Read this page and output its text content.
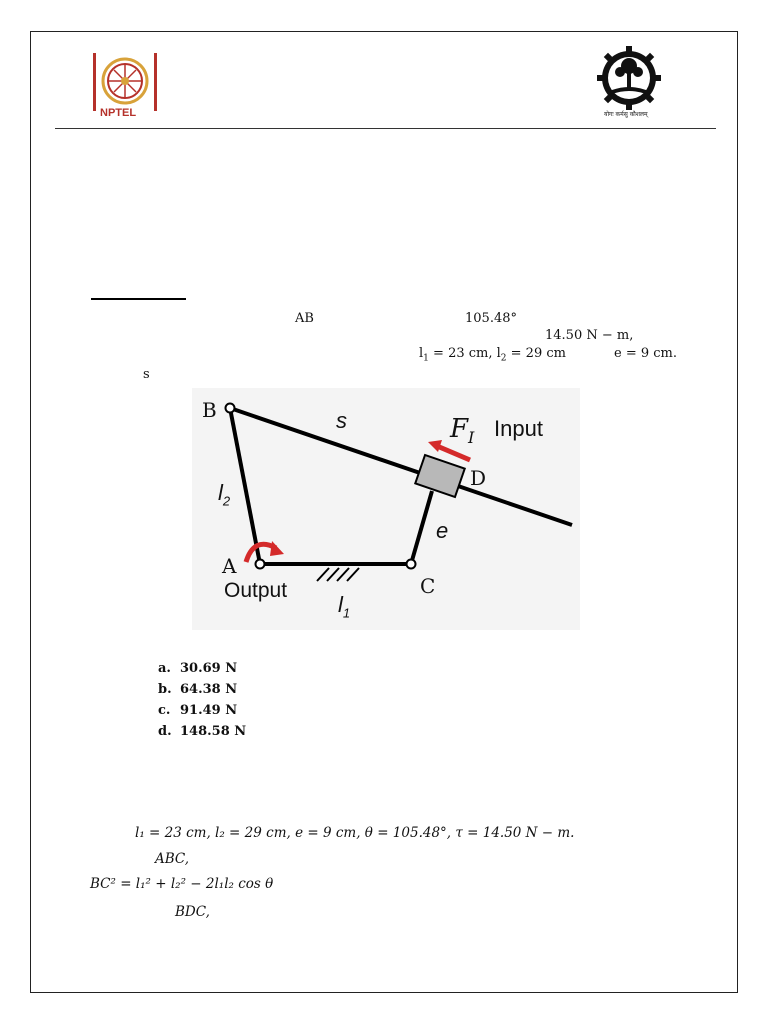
NPTEL	योगः कर्मसु कौशलम्
AB	105.48°
14.50 N − m,
$l_1 = 23$ cm, $l_2 = 29$ cm	e = 9 cm.
s
B
A
C
D
s
e
$l_2$
$l_1$
$F_I$ Input
Output
a. 30.69 N
b. 64.38 N
c. 91.49 N
d. 148.58 N
l₁ = 23 cm, l₂ = 29 cm, e = 9 cm, θ = 105.48°, τ = 14.50 N − m.
ABC,
BC² = l₁² + l₂² − 2l₁l₂ cos θ
BDC,
